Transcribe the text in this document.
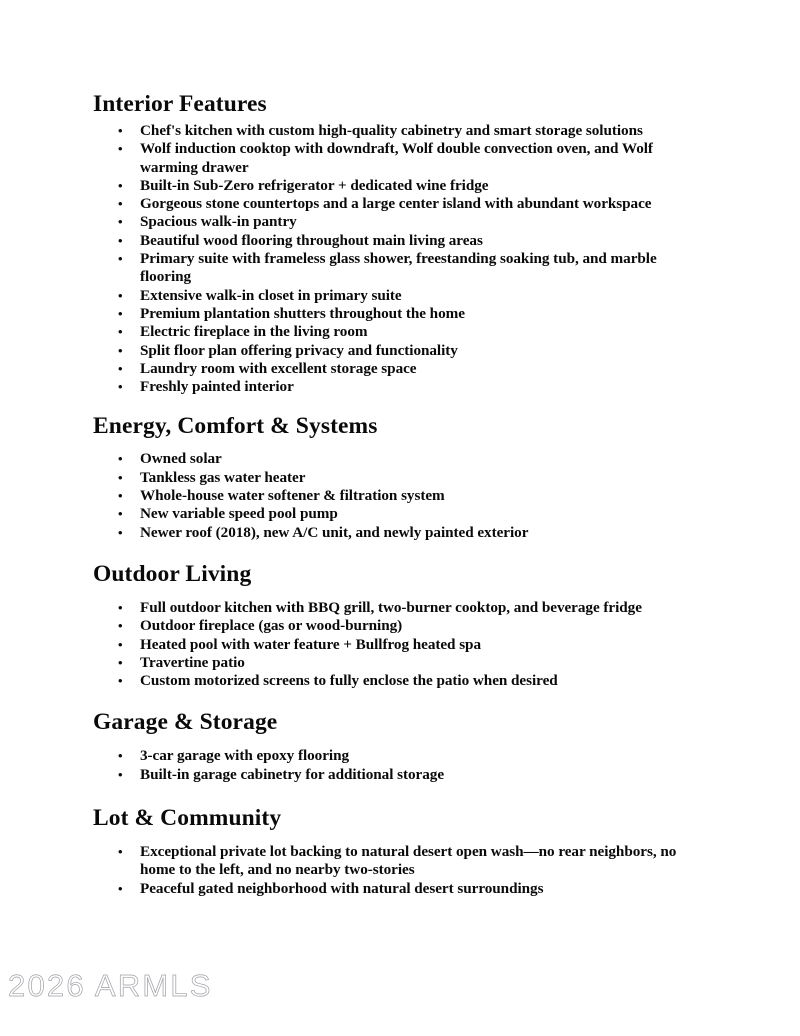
Interior Features
• Chef's kitchen with custom high-quality cabinetry and smart storage solutions
• Wolf induction cooktop with downdraft, Wolf double convection oven, and Wolf warming drawer
• Built-in Sub-Zero refrigerator + dedicated wine fridge
• Gorgeous stone countertops and a large center island with abundant workspace
• Spacious walk-in pantry
• Beautiful wood flooring throughout main living areas
• Primary suite with frameless glass shower, freestanding soaking tub, and marble flooring
• Extensive walk-in closet in primary suite
• Premium plantation shutters throughout the home
• Electric fireplace in the living room
• Split floor plan offering privacy and functionality
• Laundry room with excellent storage space
• Freshly painted interior
Energy, Comfort & Systems
• Owned solar
• Tankless gas water heater
• Whole-house water softener & filtration system
• New variable speed pool pump
• Newer roof (2018), new A/C unit, and newly painted exterior
Outdoor Living
• Full outdoor kitchen with BBQ grill, two-burner cooktop, and beverage fridge
• Outdoor fireplace (gas or wood-burning)
• Heated pool with water feature + Bullfrog heated spa
• Travertine patio
• Custom motorized screens to fully enclose the patio when desired
Garage & Storage
• 3-car garage with epoxy flooring
• Built-in garage cabinetry for additional storage
Lot & Community
• Exceptional private lot backing to natural desert open wash—no rear neighbors, no home to the left, and no nearby two-stories
• Peaceful gated neighborhood with natural desert surroundings
2026 ARMLS
